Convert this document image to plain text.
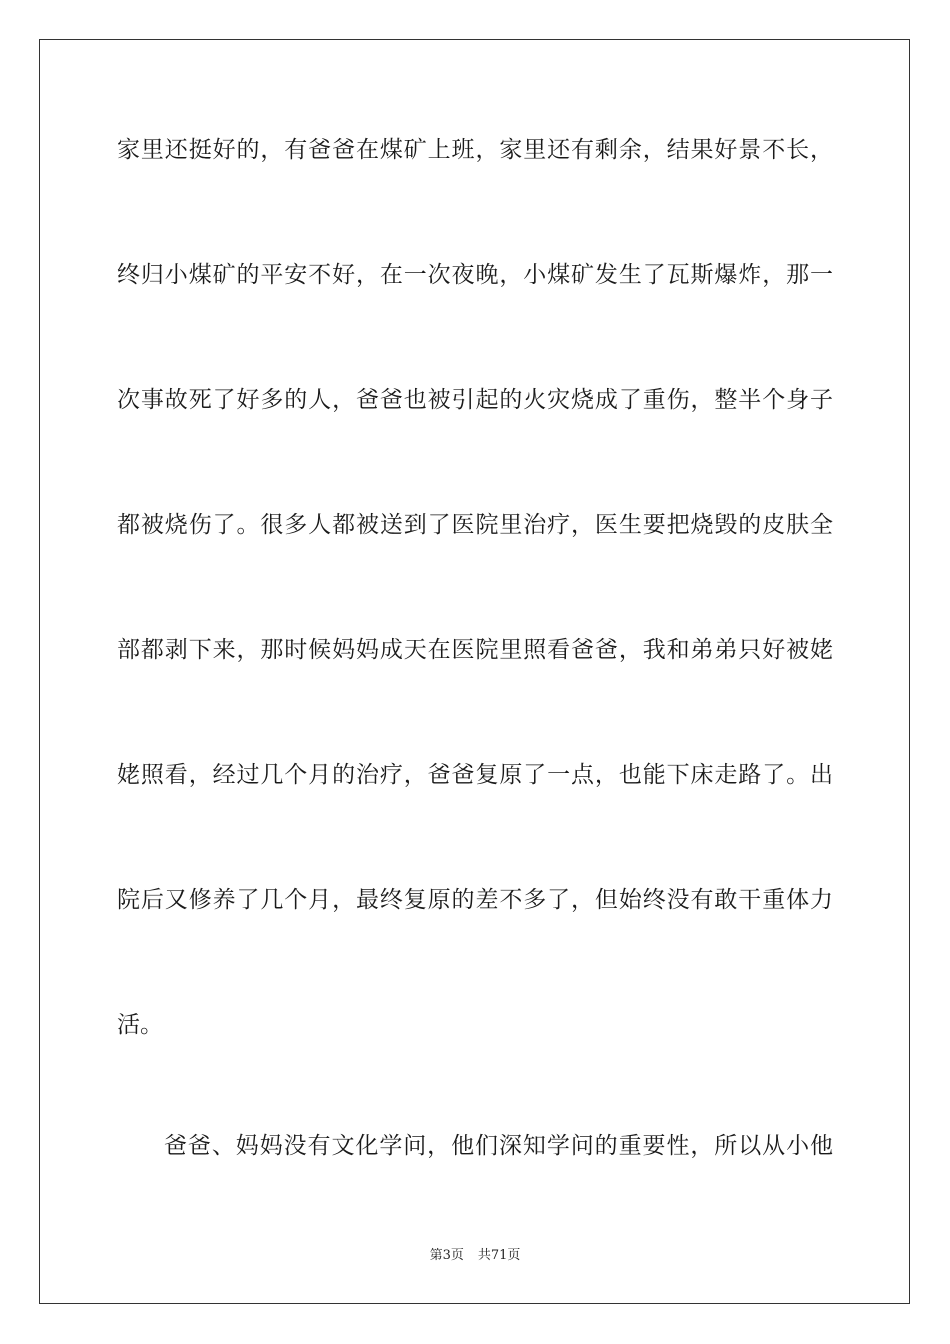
家里还挺好的，有爸爸在煤矿上班，家里还有剩余，结果好景不长，
终归小煤矿的平安不好，在一次夜晚，小煤矿发生了瓦斯爆炸，那一
次事故死了好多的人，爸爸也被引起的火灾烧成了重伤，整半个身子
都被烧伤了。很多人都被送到了医院里治疗，医生要把烧毁的皮肤全
部都剥下来，那时候妈妈成天在医院里照看爸爸，我和弟弟只好被姥
姥照看，经过几个月的治疗，爸爸复原了一点，也能下床走路了。出
院后又修养了几个月，最终复原的差不多了，但始终没有敢干重体力
活。
爸爸、妈妈没有文化学问，他们深知学问的重要性，所以从小他
第3页 共71页
